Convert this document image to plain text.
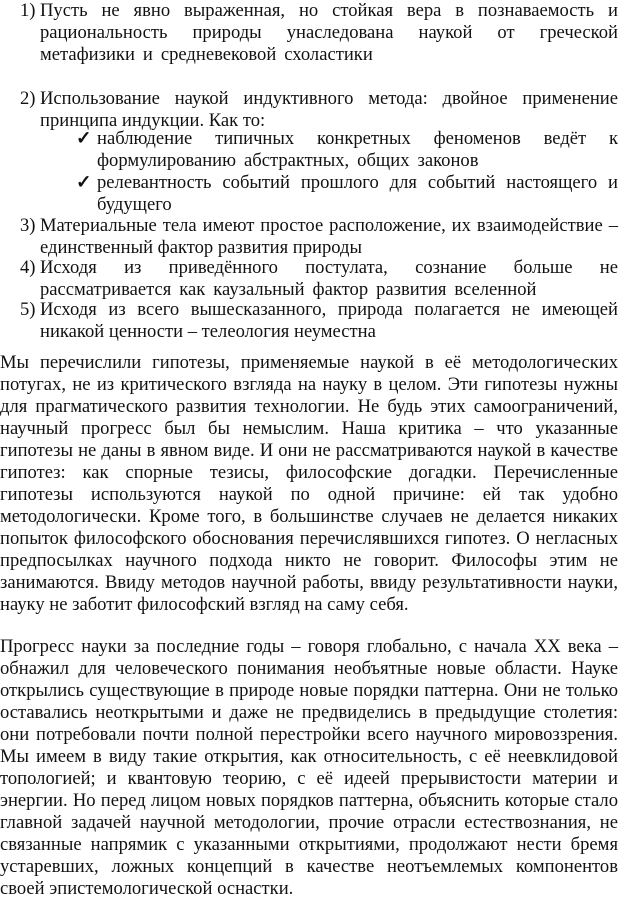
1) Пусть не явно выраженная, но стойкая вера в познаваемость и рациональность природы унаследована наукой от греческой метафизики и средневековой схоластики
2) Использование наукой индуктивного метода: двойное применение принципа индукции. Как то:
✓ наблюдение типичных конкретных феноменов ведёт к формулированию абстрактных, общих законов
✓ релевантность событий прошлого для событий настоящего и будущего
3) Материальные тела имеют простое расположение, их взаимодействие – единственный фактор развития природы
4) Исходя из приведённого постулата, сознание больше не рассматривается как каузальный фактор развития вселенной
5) Исходя из всего вышесказанного, природа полагается не имеющей никакой ценности – телеология неуместна

Мы перечислили гипотезы, применяемые наукой в её методологических потугах, не из критического взгляда на науку в целом. Эти гипотезы нужны для прагматического развития технологии. Не будь этих самоограничений, научный прогресс был бы немыслим. Наша критика – что указанные гипотезы не даны в явном виде. И они не рассматриваются наукой в качестве гипотез: как спорные тезисы, философские догадки. Перечисленные гипотезы используются наукой по одной причине: ей так удобно методологически. Кроме того, в большинстве случаев не делается никаких попыток философского обоснования перечислявшихся гипотез. О негласных предпосылках научного подхода никто не говорит. Философы этим не занимаются. Ввиду методов научной работы, ввиду результативности науки, науку не заботит философский взгляд на саму себя.

Прогресс науки за последние годы – говоря глобально, с начала XX века – обнажил для человеческого понимания необъятные новые области. Науке открылись существующие в природе новые порядки паттерна. Они не только оставались неоткрытыми и даже не предвиделись в предыдущие столетия: они потребовали почти полной перестройки всего научного мировоззрения. Мы имеем в виду такие открытия, как относительность, с её неевклидовой топологией; и квантовую теорию, с её идеей прерывистости материи и энергии. Но перед лицом новых порядков паттерна, объяснить которые стало главной задачей научной методологии, прочие отрасли естествознания, не связанные напрямик с указанными открытиями, продолжают нести бремя устаревших, ложных концепций в качестве неотъемлемых компонентов своей эпистемологической оснастки.
